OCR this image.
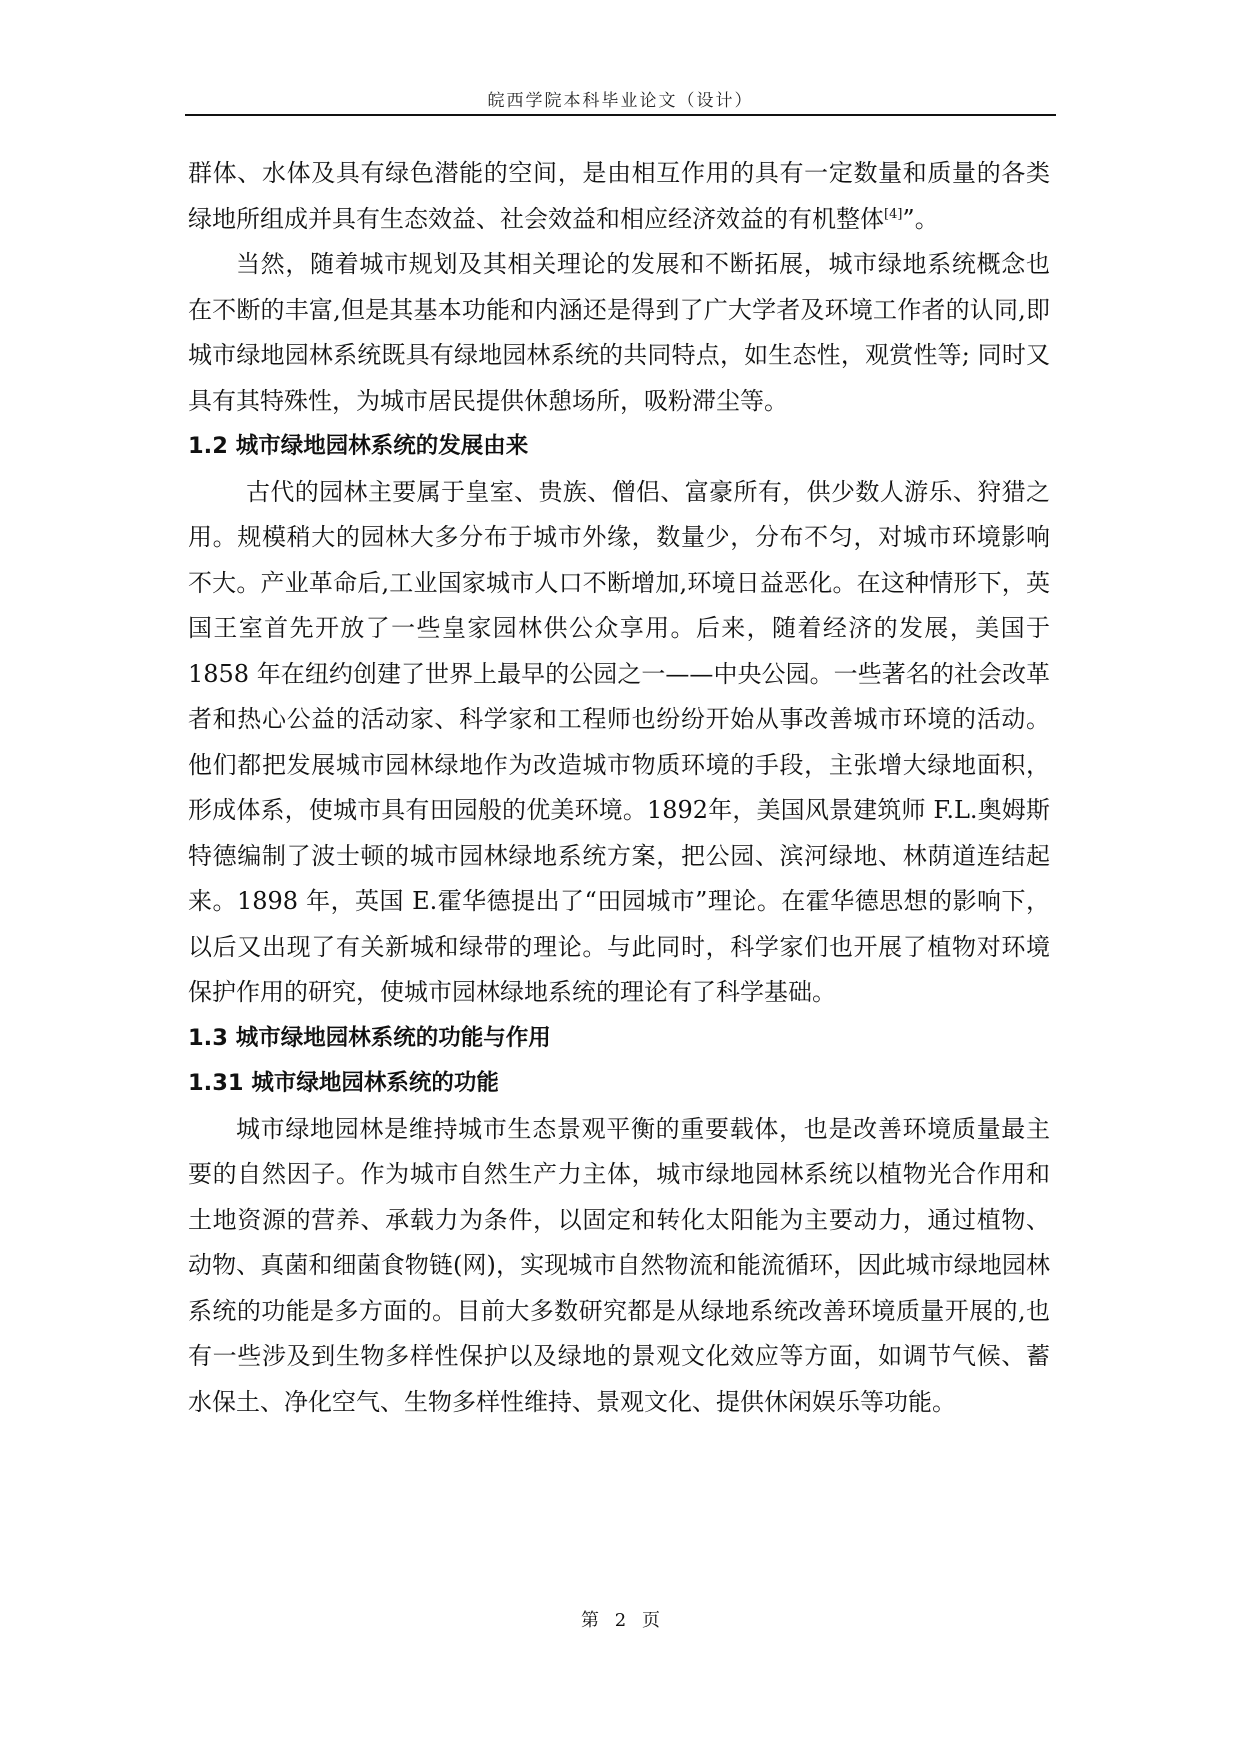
皖西学院本科毕业论文（设计）

群体、水体及具有绿色潜能的空间，是由相互作用的具有一定数量和质量的各类绿地所组成并具有生态效益、社会效益和相应经济效益的有机整体[4]”。

当然，随着城市规划及其相关理论的发展和不断拓展，城市绿地系统概念也在不断的丰富,但是其基本功能和内涵还是得到了广大学者及环境工作者的认同,即城市绿地园林系统既具有绿地园林系统的共同特点，如生态性，观赏性等; 同时又具有其特殊性，为城市居民提供休憩场所，吸粉滞尘等。

1.2 城市绿地园林系统的发展由来

古代的园林主要属于皇室、贵族、僧侣、富豪所有，供少数人游乐、狩猎之用。规模稍大的园林大多分布于城市外缘，数量少，分布不匀，对城市环境影响不大。产业革命后,工业国家城市人口不断增加,环境日益恶化。在这种情形下，英国王室首先开放了一些皇家园林供公众享用。后来，随着经济的发展，美国于 1858 年在纽约创建了世界上最早的公园之一——中央公园。一些著名的社会改革者和热心公益的活动家、科学家和工程师也纷纷开始从事改善城市环境的活动。他们都把发展城市园林绿地作为改造城市物质环境的手段，主张增大绿地面积，形成体系，使城市具有田园般的优美环境。1892年，美国风景建筑师 F.L.奥姆斯特德编制了波士顿的城市园林绿地系统方案，把公园、滨河绿地、林荫道连结起来。1898 年，英国 E.霍华德提出了“田园城市”理论。在霍华德思想的影响下，以后又出现了有关新城和绿带的理论。与此同时，科学家们也开展了植物对环境保护作用的研究，使城市园林绿地系统的理论有了科学基础。

1.3 城市绿地园林系统的功能与作用
1.31 城市绿地园林系统的功能

城市绿地园林是维持城市生态景观平衡的重要载体，也是改善环境质量最主要的自然因子。作为城市自然生产力主体，城市绿地园林系统以植物光合作用和土地资源的营养、承载力为条件，以固定和转化太阳能为主要动力，通过植物、动物、真菌和细菌食物链(网)，实现城市自然物流和能流循环，因此城市绿地园林系统的功能是多方面的。目前大多数研究都是从绿地系统改善环境质量开展的,也有一些涉及到生物多样性保护以及绿地的景观文化效应等方面，如调节气候、蓄水保土、净化空气、生物多样性维持、景观文化、提供休闲娱乐等功能。

第 2 页
